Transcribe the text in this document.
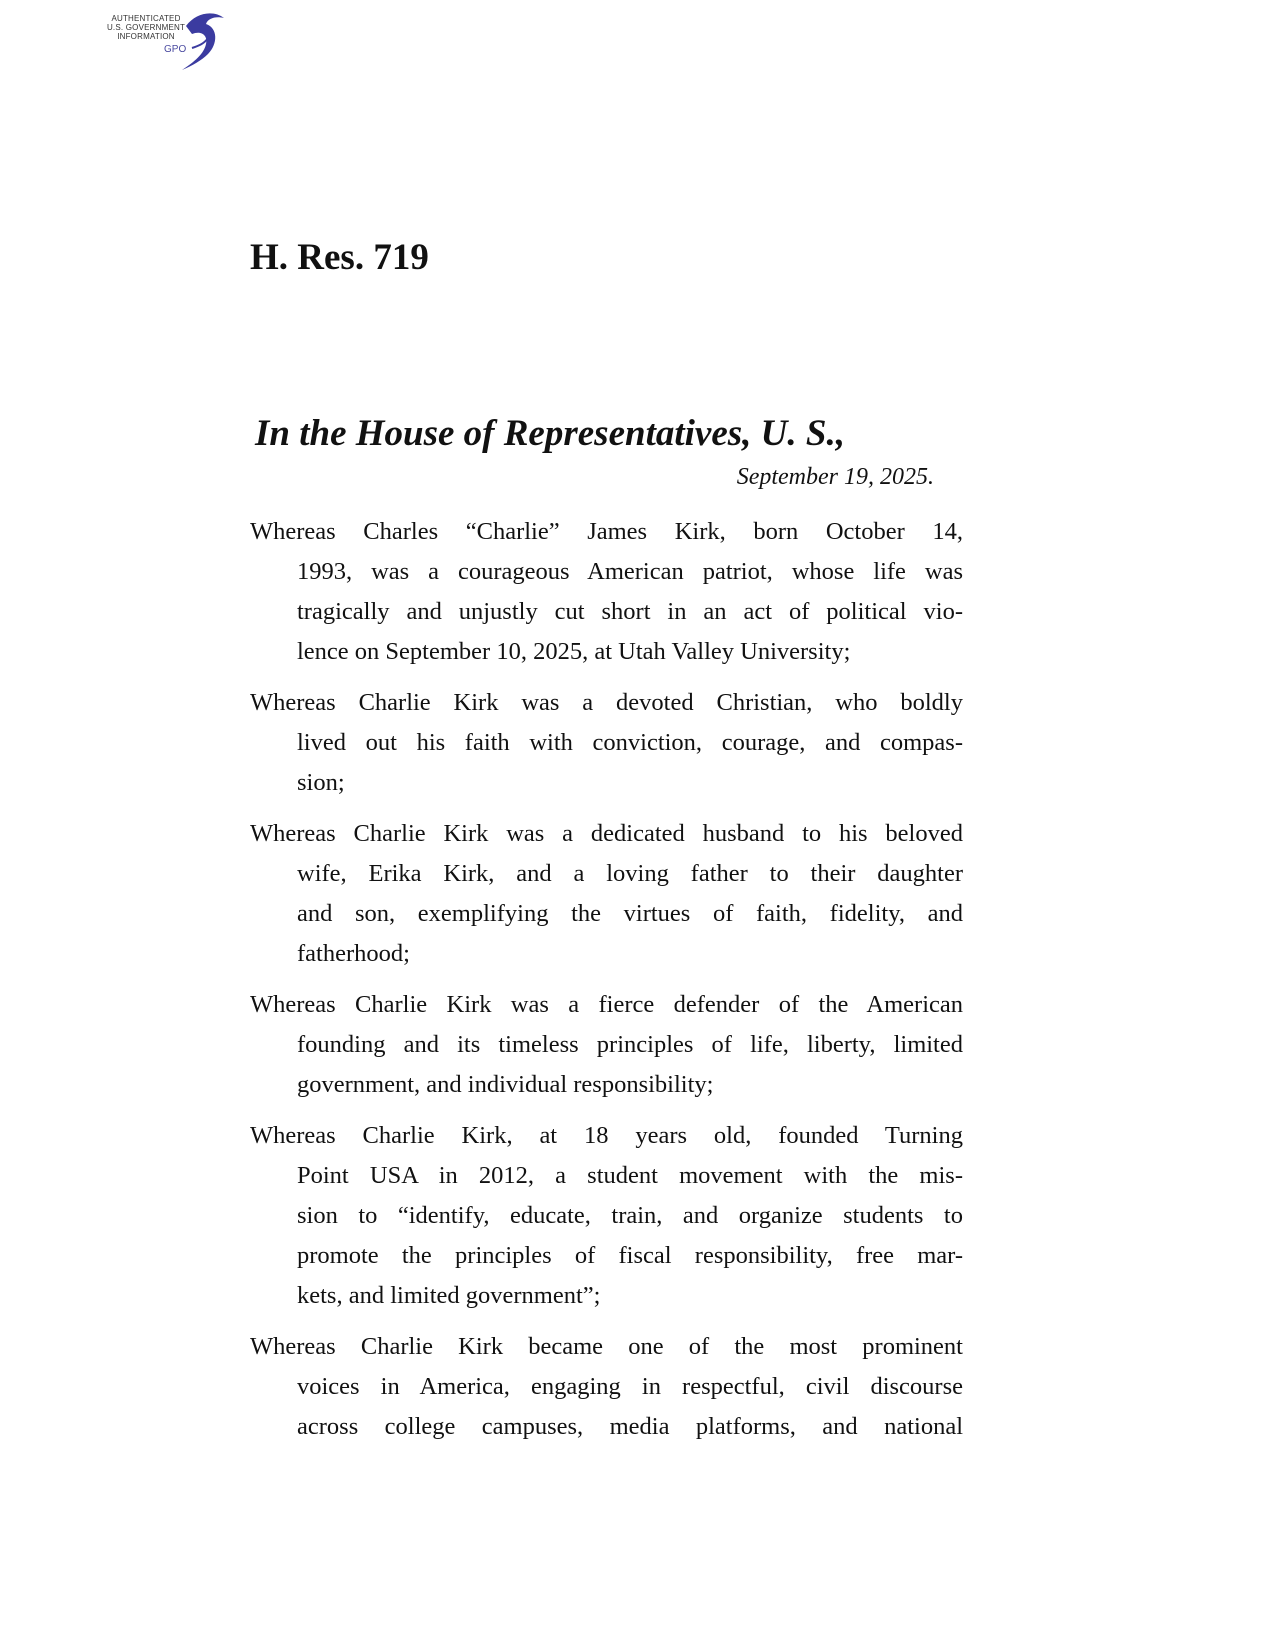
AUTHENTICATED
U.S. GOVERNMENT
INFORMATION
GPO
H. Res. 719
In the House of Representatives, U. S.,
September 19, 2025.
Whereas Charles “Charlie” James Kirk, born October 14,
1993, was a courageous American patriot, whose life was
tragically and unjustly cut short in an act of political vio-
lence on September 10, 2025, at Utah Valley University;
Whereas Charlie Kirk was a devoted Christian, who boldly
lived out his faith with conviction, courage, and compas-
sion;
Whereas Charlie Kirk was a dedicated husband to his beloved
wife, Erika Kirk, and a loving father to their daughter
and son, exemplifying the virtues of faith, fidelity, and
fatherhood;
Whereas Charlie Kirk was a fierce defender of the American
founding and its timeless principles of life, liberty, limited
government, and individual responsibility;
Whereas Charlie Kirk, at 18 years old, founded Turning
Point USA in 2012, a student movement with the mis-
sion to “identify, educate, train, and organize students to
promote the principles of fiscal responsibility, free mar-
kets, and limited government”;
Whereas Charlie Kirk became one of the most prominent
voices in America, engaging in respectful, civil discourse
across college campuses, media platforms, and national
